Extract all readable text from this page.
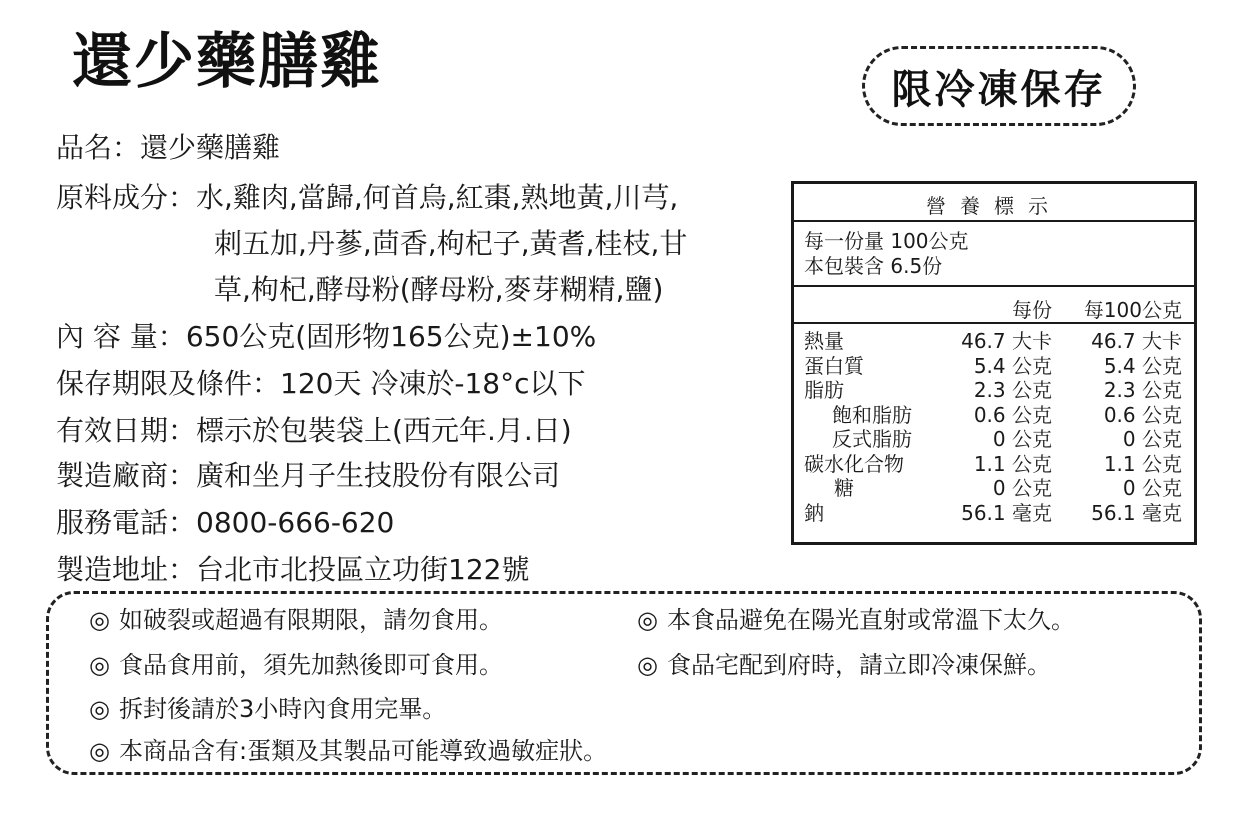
還少藥膳雞	限冷凍保存
品名：還少藥膳雞
原料成分：水,雞肉,當歸,何首烏,紅棗,熟地黃,川芎,
刺五加,丹蔘,茴香,枸杞子,黃耆,桂枝,甘
草,枸杞,酵母粉(酵母粉,麥芽糊精,鹽)
內 容 量：650公克(固形物165公克)±10%
保存期限及條件：120天 冷凍於-18°c以下
有效日期：標示於包裝袋上(西元年.月.日)
製造廠商：廣和坐月子生技股份有限公司
服務電話：0800-666-620
製造地址：台北市北投區立功街122號
營養標示
每一份量 100公克
本包裝含 6.5份
每份 每100公克
熱量	46.7 大卡 46.7 大卡
蛋白質	5.4 公克	5.4 公克
脂肪	2.3 公克	2.3 公克
飽和脂肪	0.6 公克	0.6 公克
反式脂肪	0 公克	0 公克
碳水化合物	1.1 公克	1.1 公克
糖	0 公克	0 公克
鈉	56.1 毫克 56.1 毫克
◎ 如破裂或超過有限期限，請勿食用。	◎ 本食品避免在陽光直射或常溫下太久。
◎ 食品食用前，須先加熱後即可食用。	◎ 食品宅配到府時，請立即冷凍保鮮。
◎ 拆封後請於3小時內食用完畢。
◎ 本商品含有:蛋類及其製品可能導致過敏症狀。
